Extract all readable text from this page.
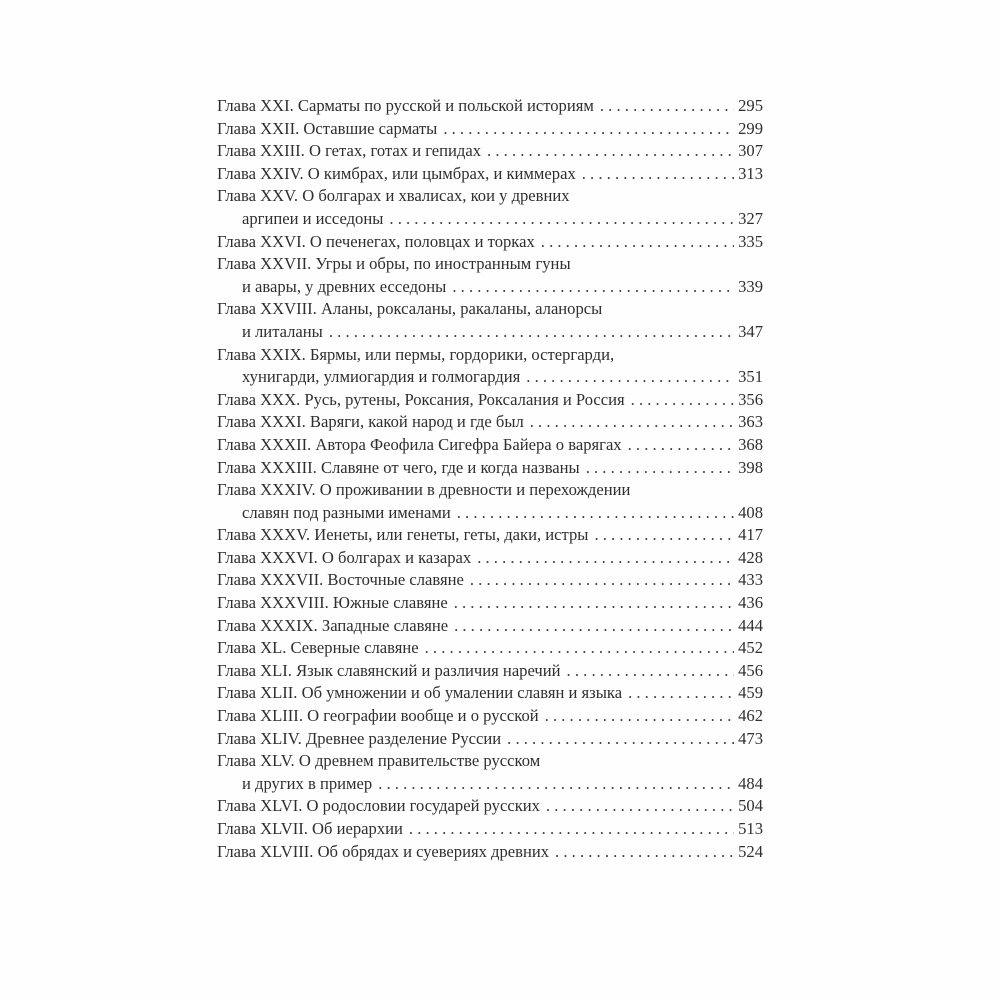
Глава XXI. Сарматы по русской и польской историям . . .	295
Глава XXII. Оставшие сарматы . . .	299
Глава XXIII. О гетах, готах и гепидах . . .	307
Глава XXIV. О кимбрах, или цымбрах, и киммерах . . .	313
Глава XXV. О болгарах и хвалисах, кои у древних
аргипеи и исседоны . . .	327
Глава XXVI. О печенегах, половцах и торках . . .	335
Глава XXVII. Угры и обры, по иностранным гуны
и авары, у древних есседоны . . .	339
Глава XXVIII. Аланы, роксаланы, ракаланы, аланорсы
и литаланы . . .	347
Глава XXIX. Бярмы, или пермы, гордорики, остергарди,
хунигарди, улмиогардия и голмогардия . . .	351
Глава XXX. Русь, рутены, Роксания, Роксалания и Россия . . .	356
Глава XXXI. Варяги, какой народ и где был . . .	363
Глава XXXII. Автора Феофила Сигефра Байера о варягах . . .	368
Глава XXXIII. Славяне от чего, где и когда названы . . .	398
Глава XXXIV. О проживании в древности и перехождении
славян под разными именами . . .	408
Глава XXXV. Иенеты, или генеты, геты, даки, истры . . .	417
Глава XXXVI. О болгарах и казарах . . .	428
Глава XXXVII. Восточные славяне . . .	433
Глава XXXVIII. Южные славяне . . .	436
Глава XXXIX. Западные славяне . . .	444
Глава XL. Северные славяне . . .	452
Глава XLI. Язык славянский и различия наречий . . .	456
Глава XLII. Об умножении и об умалении славян и языка . . .	459
Глава XLIII. О географии вообще и о русской . . .	462
Глава XLIV. Древнее разделение Руссии . . .	473
Глава XLV. О древнем правительстве русском
и других в пример . . .	484
Глава XLVI. О родословии государей русских . . .	504
Глава XLVII. Об иерархии . . .	513
Глава XLVIII. Об обрядах и суевериях древних . . .	524
